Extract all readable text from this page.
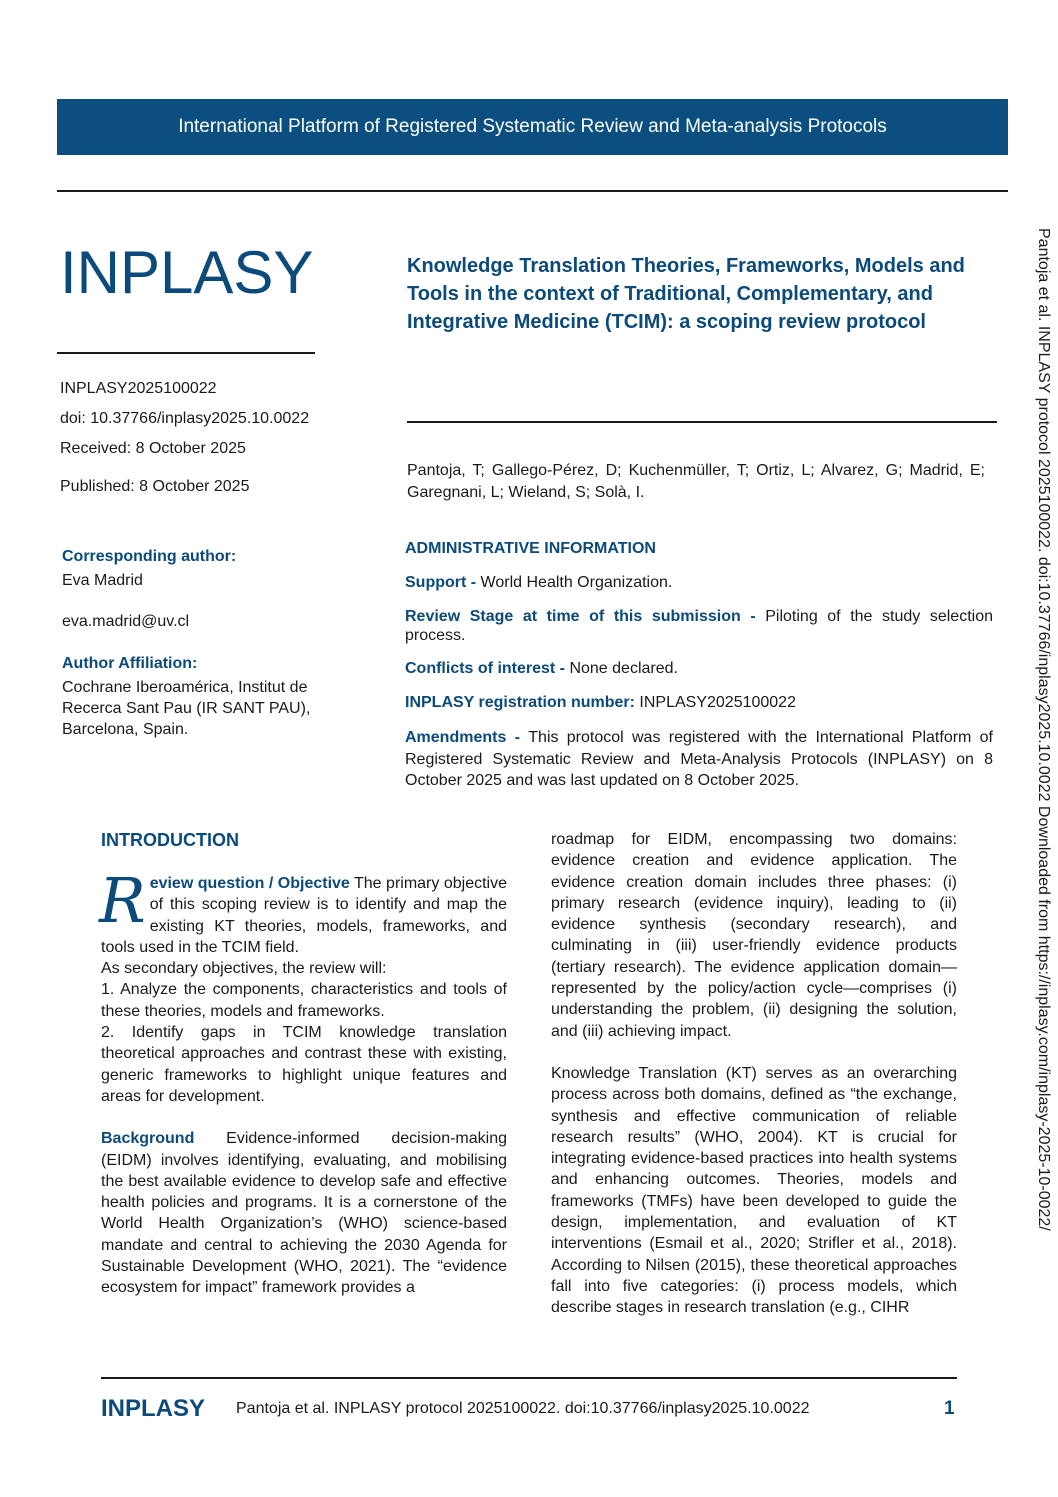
International Platform of Registered Systematic Review and Meta-analysis Protocols
INPLASY
INPLASY2025100022
doi: 10.37766/inplasy2025.10.0022
Received: 8 October 2025
Published: 8 October 2025
Knowledge Translation Theories, Frameworks, Models and Tools in the context of Traditional, Complementary, and Integrative Medicine (TCIM): a scoping review protocol
Pantoja, T; Gallego-Pérez, D; Kuchenmüller, T; Ortiz, L; Alvarez, G; Madrid, E; Garegnani, L; Wieland, S; Solà, I.
Corresponding author:
Eva Madrid
eva.madrid@uv.cl
Author Affiliation:
Cochrane Iberoamérica, Institut de
Recerca Sant Pau (IR SANT PAU),
Barcelona, Spain.
ADMINISTRATIVE INFORMATION
Support - World Health Organization.
Review Stage at time of this submission - Piloting of the study selection process.
Conflicts of interest - None declared.
INPLASY registration number: INPLASY2025100022
Amendments - This protocol was registered with the International Platform of Registered Systematic Review and Meta-Analysis Protocols (INPLASY) on 8 October 2025 and was last updated on 8 October 2025.
INTRODUCTION

Review question / Objective The primary objective of this scoping review is to identify and map the existing KT theories, models, frameworks, and tools used in the TCIM field.

As secondary objectives, the review will:

1. Analyze the components, characteristics and tools of these theories, models and frameworks.

2. Identify gaps in TCIM knowledge translation theoretical approaches and contrast these with existing, generic frameworks to highlight unique features and areas for development.

Background Evidence-informed decision-making (EIDM) involves identifying, evaluating, and mobilising the best available evidence to develop safe and effective health policies and programs. It is a cornerstone of the World Health Organization’s (WHO) science-based mandate and central to achieving the 2030 Agenda for Sustainable Development (WHO, 2021). The “evidence ecosystem for impact” framework provides a

roadmap for EIDM, encompassing two domains: evidence creation and evidence application. The evidence creation domain includes three phases: (i) primary research (evidence inquiry), leading to (ii) evidence synthesis (secondary research), and culminating in (iii) user-friendly evidence products (tertiary research). The evidence application domain—represented by the policy/action cycle—comprises (i) understanding the problem, (ii) designing the solution, and (iii) achieving impact.

Knowledge Translation (KT) serves as an overarching process across both domains, defined as “the exchange, synthesis and effective communication of reliable research results” (WHO, 2004). KT is crucial for integrating evidence-based practices into health systems and enhancing outcomes. Theories, models and frameworks (TMFs) have been developed to guide the design, implementation, and evaluation of KT interventions (Esmail et al., 2020; Strifler et al., 2018). According to Nilsen (2015), these theoretical approaches fall into five categories: (i) process models, which describe stages in research translation (e.g., CIHR

Pantoja et al. INPLASY protocol 2025100022. doi:10.37766/inplasy2025.10.0022 Downloaded from https://inplasy.com/inplasy-2025-10-0022/
INPLASY Pantoja et al. INPLASY protocol 2025100022. doi:10.37766/inplasy2025.10.0022	1
